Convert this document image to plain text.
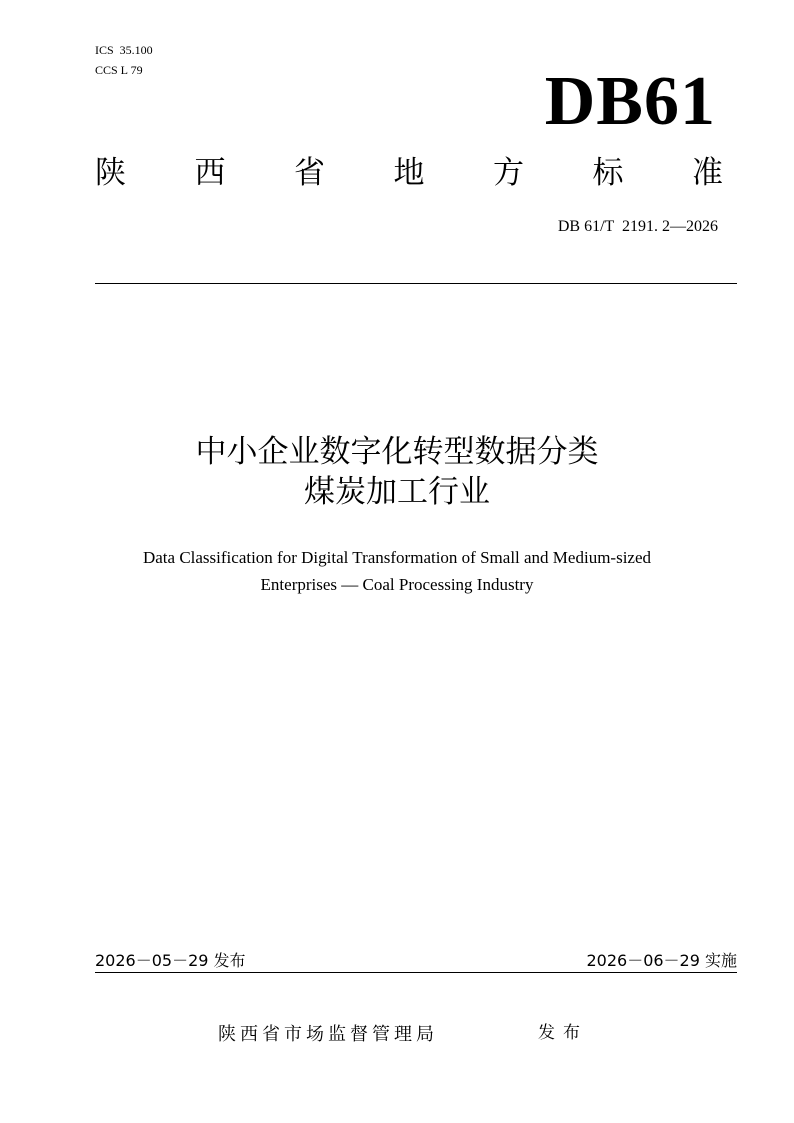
ICS  35.100
CCS L 79	DB61
陕 西 省 地 方 标 准
DB 61/T  2191. 2—2026
中小企业数字化转型数据分类
煤炭加工行业
Data Classification for Digital Transformation of Small and Medium-sized
Enterprises — Coal Processing Industry
2026－05－29 发布	2026－06－29 实施
陕西省市场监督管理局	发布
